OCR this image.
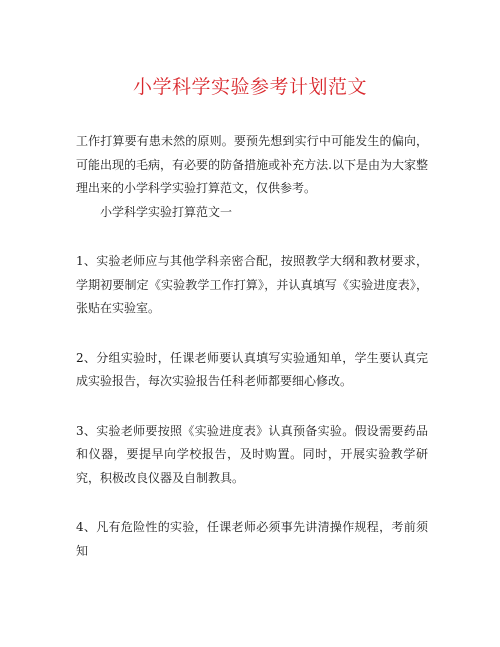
小学科学实验参考计划范文

工作打算要有患未然的原则。要预先想到实行中可能发生的偏向，可能出现的毛病，有必要的防备措施或补充方法.以下是由为大家整理出来的小学科学实验打算范文，仅供参考。

小学科学实验打算范文一

1、实验老师应与其他学科亲密合配，按照教学大纲和教材要求，学期初要制定《实验教学工作打算》，并认真填写《实验进度表》，张贴在实验室。

2、分组实验时，任课老师要认真填写实验通知单，学生要认真完成实验报告，每次实验报告任科老师都要细心修改。

3、实验老师要按照《实验进度表》认真预备实验。假设需要药品和仪器，要提早向学校报告，及时购置。同时，开展实验教学研究，积极改良仪器及自制教具。

4、凡有危险性的实验，任课老师必须事先讲清操作规程，考前须知
